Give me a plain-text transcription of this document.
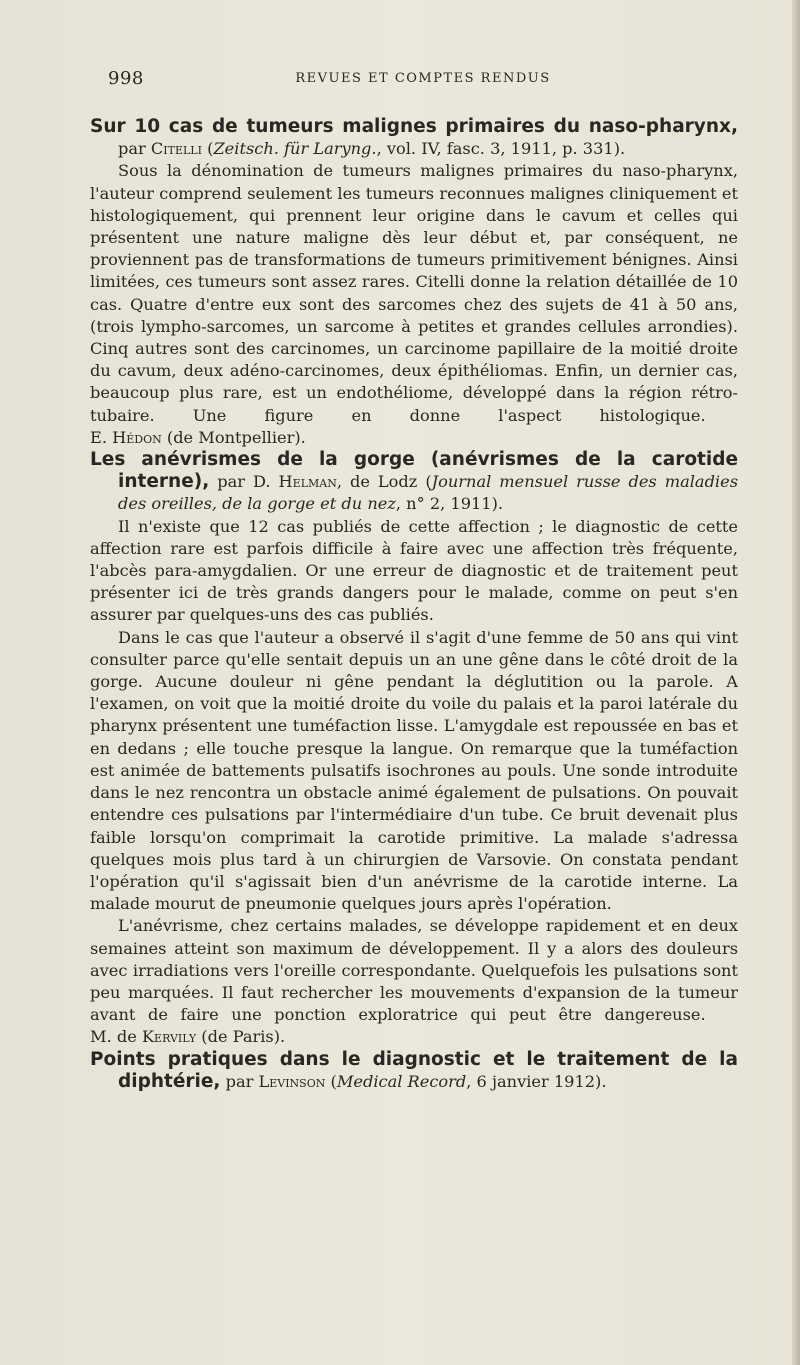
998	REVUES ET COMPTES RENDUS

Sur 10 cas de tumeurs malignes primaires du naso-pharynx, par Citelli (Zeitsch. für Laryng., vol. IV, fasc. 3, 1911, p. 331).

Sous la dénomination de tumeurs malignes primaires du naso-pharynx, l'auteur comprend seulement les tumeurs reconnues malignes cliniquement et histologiquement, qui prennent leur origine dans le cavum et celles qui présentent une nature maligne dès leur début et, par conséquent, ne proviennent pas de transformations de tumeurs primitivement bénignes. Ainsi limitées, ces tumeurs sont assez rares. Citelli donne la relation détaillée de 10 cas. Quatre d'entre eux sont des sarcomes chez des sujets de 41 à 50 ans, (trois lympho-sarcomes, un sarcome à petites et grandes cellules arrondies). Cinq autres sont des carcinomes, un carcinome papillaire de la moitié droite du cavum, deux adéno-carcinomes, deux épithéliomas. Enfin, un dernier cas, beaucoup plus rare, est un endothéliome, développé dans la région rétro-tubaire. Une figure en donne l'aspect histologique.  E. Hédon (de Montpellier).

Les anévrismes de la gorge (anévrismes de la carotide interne), par D. Helman, de Lodz (Journal mensuel russe des maladies des oreilles, de la gorge et du nez, n° 2, 1911).

Il n'existe que 12 cas publiés de cette affection ; le diagnostic de cette affection rare est parfois difficile à faire avec une affection très fréquente, l'abcès para-amygdalien. Or une erreur de diagnostic et de traitement peut présenter ici de très grands dangers pour le malade, comme on peut s'en assurer par quelques-uns des cas publiés.

Dans le cas que l'auteur a observé il s'agit d'une femme de 50 ans qui vint consulter parce qu'elle sentait depuis un an une gêne dans le côté droit de la gorge. Aucune douleur ni gêne pendant la déglutition ou la parole. A l'examen, on voit que la moitié droite du voile du palais et la paroi latérale du pharynx présentent une tuméfaction lisse. L'amygdale est repoussée en bas et en dedans ; elle touche presque la langue. On remarque que la tuméfaction est animée de battements pulsatifs isochrones au pouls. Une sonde introduite dans le nez rencontra un obstacle animé également de pulsations. On pouvait entendre ces pulsations par l'intermédiaire d'un tube. Ce bruit devenait plus faible lorsqu'on comprimait la carotide primitive. La malade s'adressa quelques mois plus tard à un chirurgien de Varsovie. On constata pendant l'opération qu'il s'agissait bien d'un anévrisme de la carotide interne. La malade mourut de pneumonie quelques jours après l'opération.

L'anévrisme, chez certains malades, se développe rapidement et en deux semaines atteint son maximum de développement. Il y a alors des douleurs avec irradiations vers l'oreille correspondante. Quelquefois les pulsations sont peu marquées. Il faut rechercher les mouvements d'expansion de la tumeur avant de faire une ponction exploratrice qui peut être dangereuse.  M. de Kervily (de Paris).

Points pratiques dans le diagnostic et le traitement de la diphtérie, par Levinson (Medical Record, 6 janvier 1912).
